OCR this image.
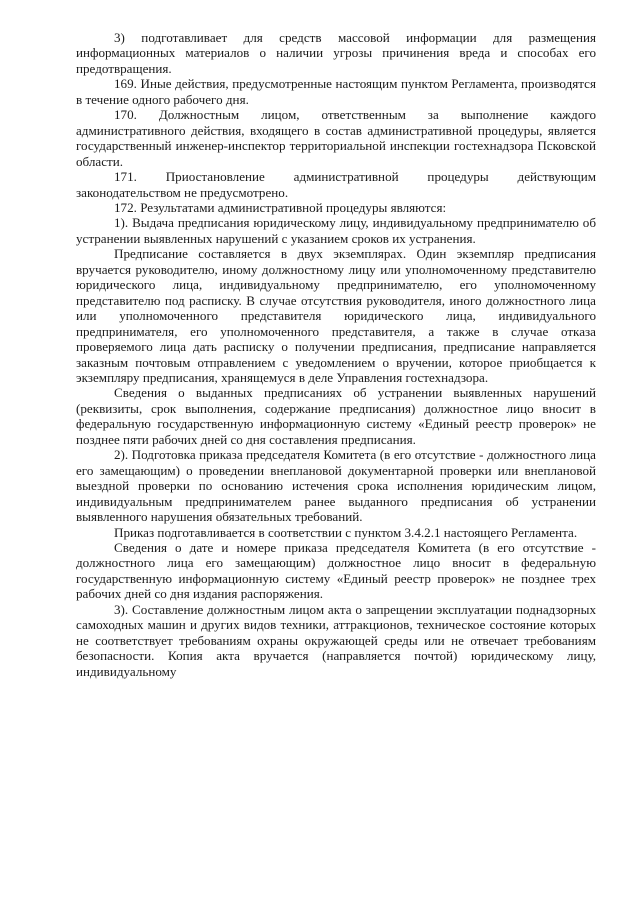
3) подготавливает для средств массовой информации для размещения информационных материалов о наличии угрозы причинения вреда и способах его предотвращения.

169. Иные действия, предусмотренные настоящим пунктом Регламента, производятся в течение одного рабочего дня.

170. Должностным лицом, ответственным за выполнение каждого административного действия, входящего в состав административной процедуры, является государственный инженер-инспектор территориальной инспекции гостехнадзора Псковской области.

171. Приостановление административной процедуры действующим законодательством не предусмотрено.

172. Результатами административной процедуры являются:

1). Выдача предписания юридическому лицу, индивидуальному предпринимателю об устранении выявленных нарушений с указанием сроков их устранения.

Предписание составляется в двух экземплярах. Один экземпляр предписания вручается руководителю, иному должностному лицу или уполномоченному представителю юридического лица, индивидуальному предпринимателю, его уполномоченному представителю под расписку. В случае отсутствия руководителя, иного должностного лица или уполномоченного представителя юридического лица, индивидуального предпринимателя, его уполномоченного представителя, а также в случае отказа проверяемого лица дать расписку о получении предписания, предписание направляется заказным почтовым отправлением с уведомлением о вручении, которое приобщается к экземпляру предписания, хранящемуся в деле Управления гостехнадзора.

Сведения о выданных предписаниях об устранении выявленных нарушений (реквизиты, срок выполнения, содержание предписания) должностное лицо вносит в федеральную государственную информационную систему «Единый реестр проверок» не позднее пяти рабочих дней со дня составления предписания.

2). Подготовка приказа председателя Комитета (в его отсутствие - должностного лица его замещающим) о проведении внеплановой документарной проверки или внеплановой выездной проверки по основанию истечения срока исполнения юридическим лицом, индивидуальным предпринимателем ранее выданного предписания об устранении выявленного нарушения обязательных требований.

Приказ подготавливается в соответствии с пунктом 3.4.2.1 настоящего Регламента.

Сведения о дате и номере приказа председателя Комитета (в его отсутствие - должностного лица его замещающим) должностное лицо вносит в федеральную государственную информационную систему «Единый реестр проверок» не позднее трех рабочих дней со дня издания распоряжения.

3). Составление должностным лицом акта о запрещении эксплуатации поднадзорных самоходных машин и других видов техники, аттракционов, техническое состояние которых не соответствует требованиям охраны окружающей среды или не отвечает требованиям безопасности. Копия акта вручается (направляется почтой) юридическому лицу, индивидуальному
